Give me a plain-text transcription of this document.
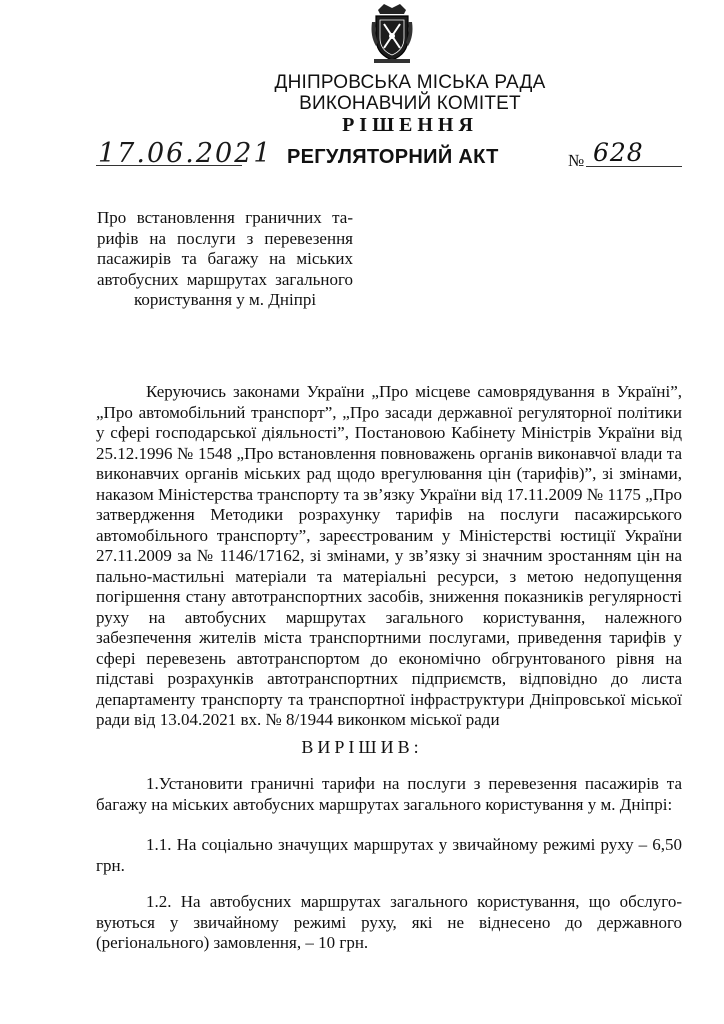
ДНІПРОВСЬКА МІСЬКА РАДА
ВИКОНАВЧИЙ КОМІТЕТ
РІШЕННЯ
17.06.2021 РЕГУЛЯТОРНИЙ АКТ	№ 628
Про встановлення граничних та-рифів на послуги з перевезення пасажирів та багажу на міських автобусних маршрутах загального користування у м. Дніпрі
Керуючись законами України „Про місцеве самоврядування в Україні”, „Про автомобільний транспорт”, „Про засади державної регуляторної політики у сфері господарської діяльності”, Постановою Кабінету Міністрів України від 25.12.1996 № 1548 „Про встановлення повноважень органів виконавчої влади та виконавчих органів міських рад щодо врегулювання цін (тарифів)”, зі змінами, наказом Міністерства транспорту та зв’язку України від 17.11.2009 № 1175 „Про затвердження Методики розрахунку тарифів на послуги пасажирського автомобільного транспорту”, зареєстрованим у Міністерстві юстиції України 27.11.2009 за № 1146/17162, зі змінами, у зв’язку зі значним зростанням цін на пально-мастильні матеріали та матеріальні ресурси, з метою недопущення погіршення стану автотранспортних засобів, зниження показників регулярності руху на автобусних маршрутах загального користування, належного забезпечення жителів міста транспортними послугами, приведення тарифів у сфері перевезень автотранспортом до економічно обгрунтованого рівня на підставі розрахунків автотранспортних підприємств, відповідно до листа департаменту транспорту та транспортної інфраструктури Дніпровської міської ради від 13.04.2021 вх. № 8/1944 виконком міської ради
ВИРІШИВ:
1.Установити граничні тарифи на послуги з перевезення пасажирів та багажу на міських автобусних маршрутах загального користування у м. Дніпрі:
1.1. На соціально значущих маршрутах у звичайному режимі руху – 6,50 грн.
1.2. На автобусних маршрутах загального користування, що обслуго-вуються у звичайному режимі руху, які не віднесено до державного (регіонального) замовлення, – 10 грн.
